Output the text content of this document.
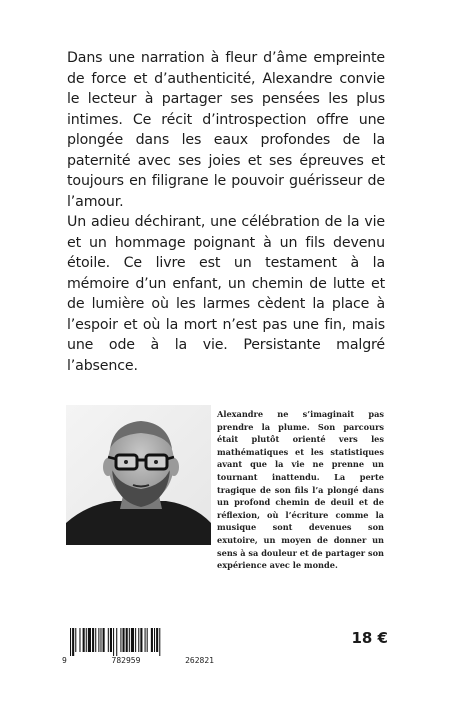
Dans une narration à fleur d’âme empreinte de force et d’authenticité, Alexandre convie le lecteur à partager ses pensées les plus intimes. Ce récit d’introspection offre une plongée dans les eaux profondes de la paternité avec ses joies et ses épreuves et toujours en filigrane le pouvoir guérisseur de l’amour.

Un adieu déchirant, une célébration de la vie et un hommage poignant à un fils devenu étoile. Ce livre est un testament à la mémoire d’un enfant, un chemin de lutte et de lumière où les larmes cèdent la place à l’espoir et où la mort n’est pas une fin, mais une ode à la vie. Persistante malgré l’absence.

Alexandre ne s’imaginait pas prendre la plume. Son parcours était plutôt orienté vers les mathématiques et les statistiques avant que la vie ne prenne un tournant inattendu. La perte tragique de son fils l’a plongé dans un profond chemin de deuil et de réflexion, où l’écriture comme la musique sont devenues son exutoire, un moyen de donner un sens à sa douleur et de partager son expérience avec le monde.
9	782959	262821
18 €
